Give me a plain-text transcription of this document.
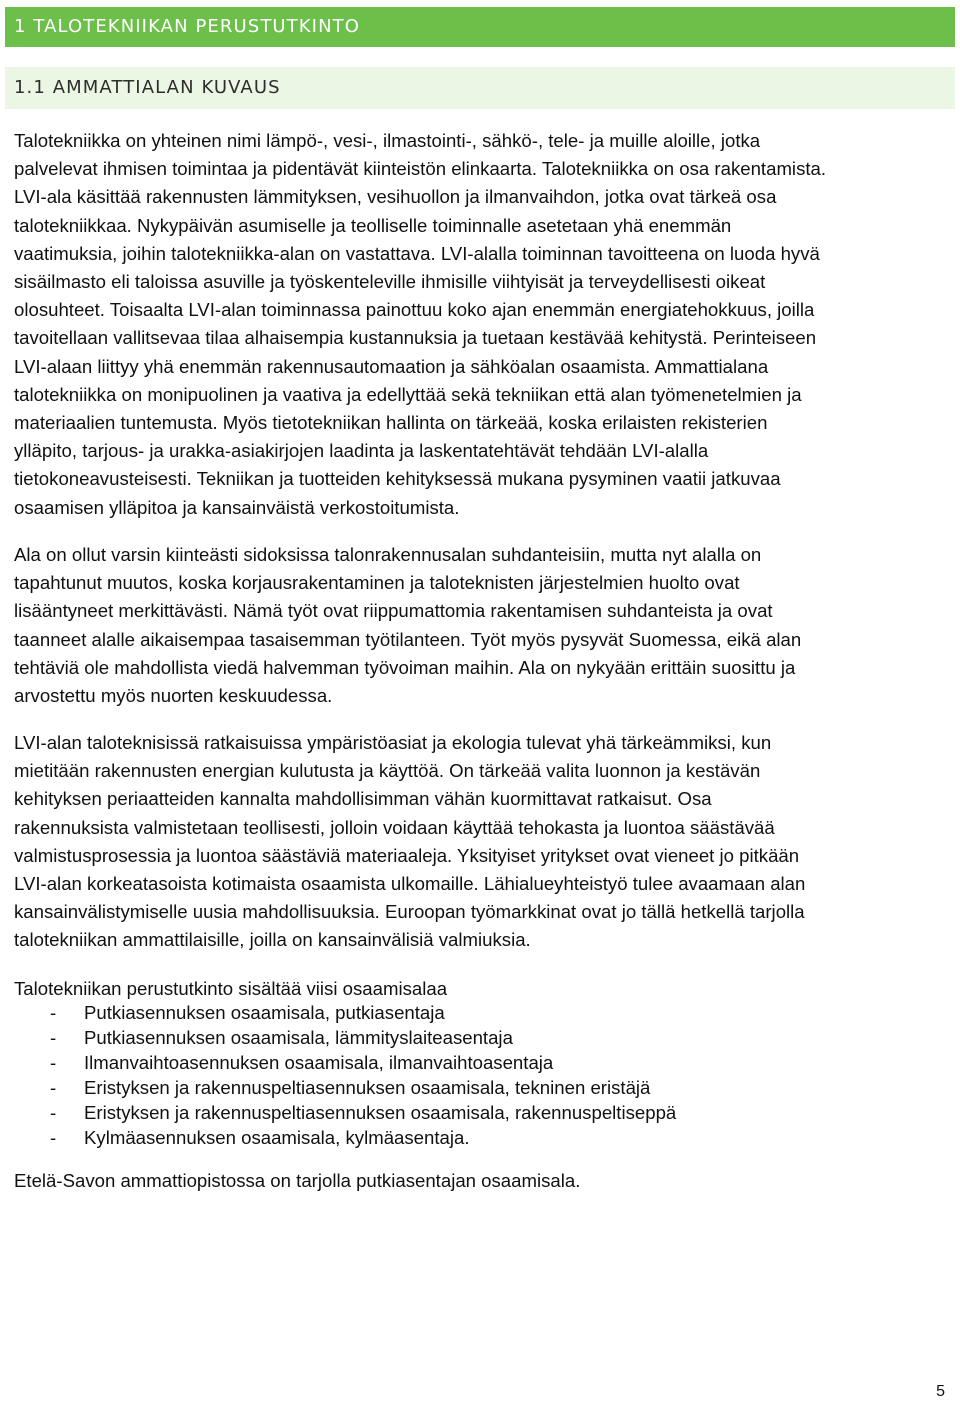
1 TALOTEKNIIKAN PERUSTUTKINTO
1.1 AMMATTIALAN KUVAUS

Talotekniikka on yhteinen nimi lämpö-, vesi-, ilmastointi-, sähkö-, tele- ja muille aloille, jotka
palvelevat ihmisen toimintaa ja pidentävät kiinteistön elinkaarta. Talotekniikka on osa rakentamista.
LVI-ala käsittää rakennusten lämmityksen, vesihuollon ja ilmanvaihdon, jotka ovat tärkeä osa
talotekniikkaa. Nykypäivän asumiselle ja teolliselle toiminnalle asetetaan yhä enemmän
vaatimuksia, joihin talotekniikka-alan on vastattava. LVI-alalla toiminnan tavoitteena on luoda hyvä
sisäilmasto eli taloissa asuville ja työskenteleville ihmisille viihtyisät ja terveydellisesti oikeat
olosuhteet. Toisaalta LVI-alan toiminnassa painottuu koko ajan enemmän energiatehokkuus, joilla
tavoitellaan vallitsevaa tilaa alhaisempia kustannuksia ja tuetaan kestävää kehitystä. Perinteiseen
LVI-alaan liittyy yhä enemmän rakennusautomaation ja sähköalan osaamista. Ammattialana
talotekniikka on monipuolinen ja vaativa ja edellyttää sekä tekniikan että alan työmenetelmien ja
materiaalien tuntemusta. Myös tietotekniikan hallinta on tärkeää, koska erilaisten rekisterien
ylläpito, tarjous- ja urakka-asiakirjojen laadinta ja laskentatehtävät tehdään LVI-alalla
tietokoneavusteisesti. Tekniikan ja tuotteiden kehityksessä mukana pysyminen vaatii jatkuvaa
osaamisen ylläpitoa ja kansainväistä verkostoitumista.

Ala on ollut varsin kiinteästi sidoksissa talonrakennusalan suhdanteisiin, mutta nyt alalla on
tapahtunut muutos, koska korjausrakentaminen ja taloteknisten järjestelmien huolto ovat
lisääntyneet merkittävästi. Nämä työt ovat riippumattomia rakentamisen suhdanteista ja ovat
taanneet alalle aikaisempaa tasaisemman työtilanteen. Työt myös pysyvät Suomessa, eikä alan
tehtäviä ole mahdollista viedä halvemman työvoiman maihin. Ala on nykyään erittäin suosittu ja
arvostettu myös nuorten keskuudessa.

LVI-alan taloteknisissä ratkaisuissa ympäristöasiat ja ekologia tulevat yhä tärkeämmiksi, kun
mietitään rakennusten energian kulutusta ja käyttöä. On tärkeää valita luonnon ja kestävän
kehityksen periaatteiden kannalta mahdollisimman vähän kuormittavat ratkaisut. Osa
rakennuksista valmistetaan teollisesti, jolloin voidaan käyttää tehokasta ja luontoa säästävää
valmistusprosessia ja luontoa säästäviä materiaaleja. Yksityiset yritykset ovat vieneet jo pitkään
LVI-alan korkeatasoista kotimaista osaamista ulkomaille. Lähialueyhteistyö tulee avaamaan alan
kansainvälistymiselle uusia mahdollisuuksia. Euroopan työmarkkinat ovat jo tällä hetkellä tarjolla
talotekniikan ammattilaisille, joilla on kansainvälisiä valmiuksia.

Talotekniikan perustutkinto sisältää viisi osaamisalaa

- Putkiasennuksen osaamisala, putkiasentaja
- Putkiasennuksen osaamisala, lämmityslaiteasentaja
- Ilmanvaihtoasennuksen osaamisala, ilmanvaihtoasentaja
- Eristyksen ja rakennuspeltiasennuksen osaamisala, tekninen eristäjä
- Eristyksen ja rakennuspeltiasennuksen osaamisala, rakennuspeltiseppä
- Kylmäasennuksen osaamisala, kylmäasentaja.

Etelä-Savon ammattiopistossa on tarjolla putkiasentajan osaamisala.

5
